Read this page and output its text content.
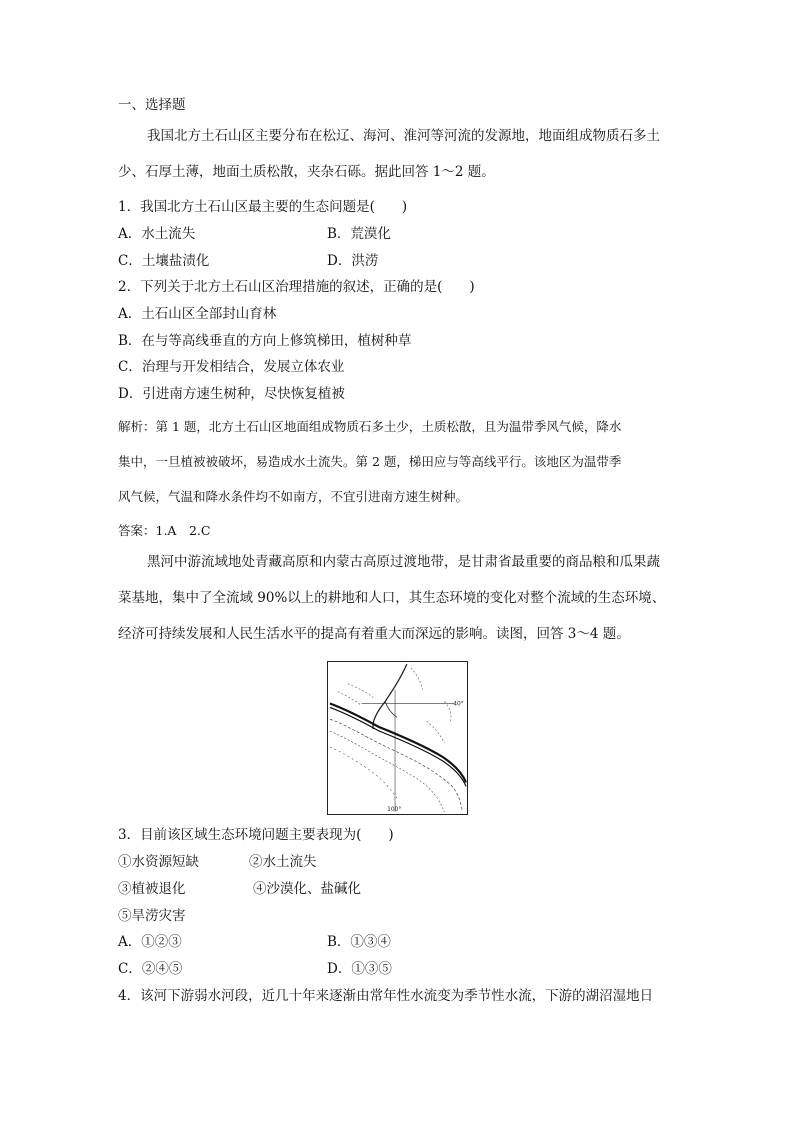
一、选择题
我国北方土石山区主要分布在松辽、海河、淮河等河流的发源地，地面组成物质石多土
少、石厚土薄，地面土质松散，夹杂石砾。据此回答 1～2 题。
1．我国北方土石山区最主要的生态问题是(　　)
A．水土流失	B．荒漠化
C．土壤盐渍化	D．洪涝
2．下列关于北方土石山区治理措施的叙述，正确的是(　　)
A．土石山区全部封山育林
B．在与等高线垂直的方向上修筑梯田，植树种草
C．治理与开发相结合，发展立体农业
D．引进南方速生树种，尽快恢复植被
解析：第 1 题，北方土石山区地面组成物质石多土少，土质松散，且为温带季风气候，降水
集中，一旦植被被破坏，易造成水土流失。第 2 题，梯田应与等高线平行。该地区为温带季
风气候，气温和降水条件均不如南方，不宜引进南方速生树种。
答案：1.A　2.C
黑河中游流域地处青藏高原和内蒙古高原过渡地带，是甘肃省最重要的商品粮和瓜果蔬
菜基地，集中了全流域 90%以上的耕地和人口，其生态环境的变化对整个流域的生态环境、
经济可持续发展和人民生活水平的提高有着重大而深远的影响。读图，回答 3～4 题。
40°
100°
3．目前该区域生态环境问题主要表现为(　　)
①水资源短缺	②水土流失
③植被退化	④沙漠化、盐碱化
⑤旱涝灾害
A．①②③	B．①③④
C．②④⑤	D．①③⑤
4．该河下游弱水河段，近几十年来逐渐由常年性水流变为季节性水流，下游的湖沼湿地日
